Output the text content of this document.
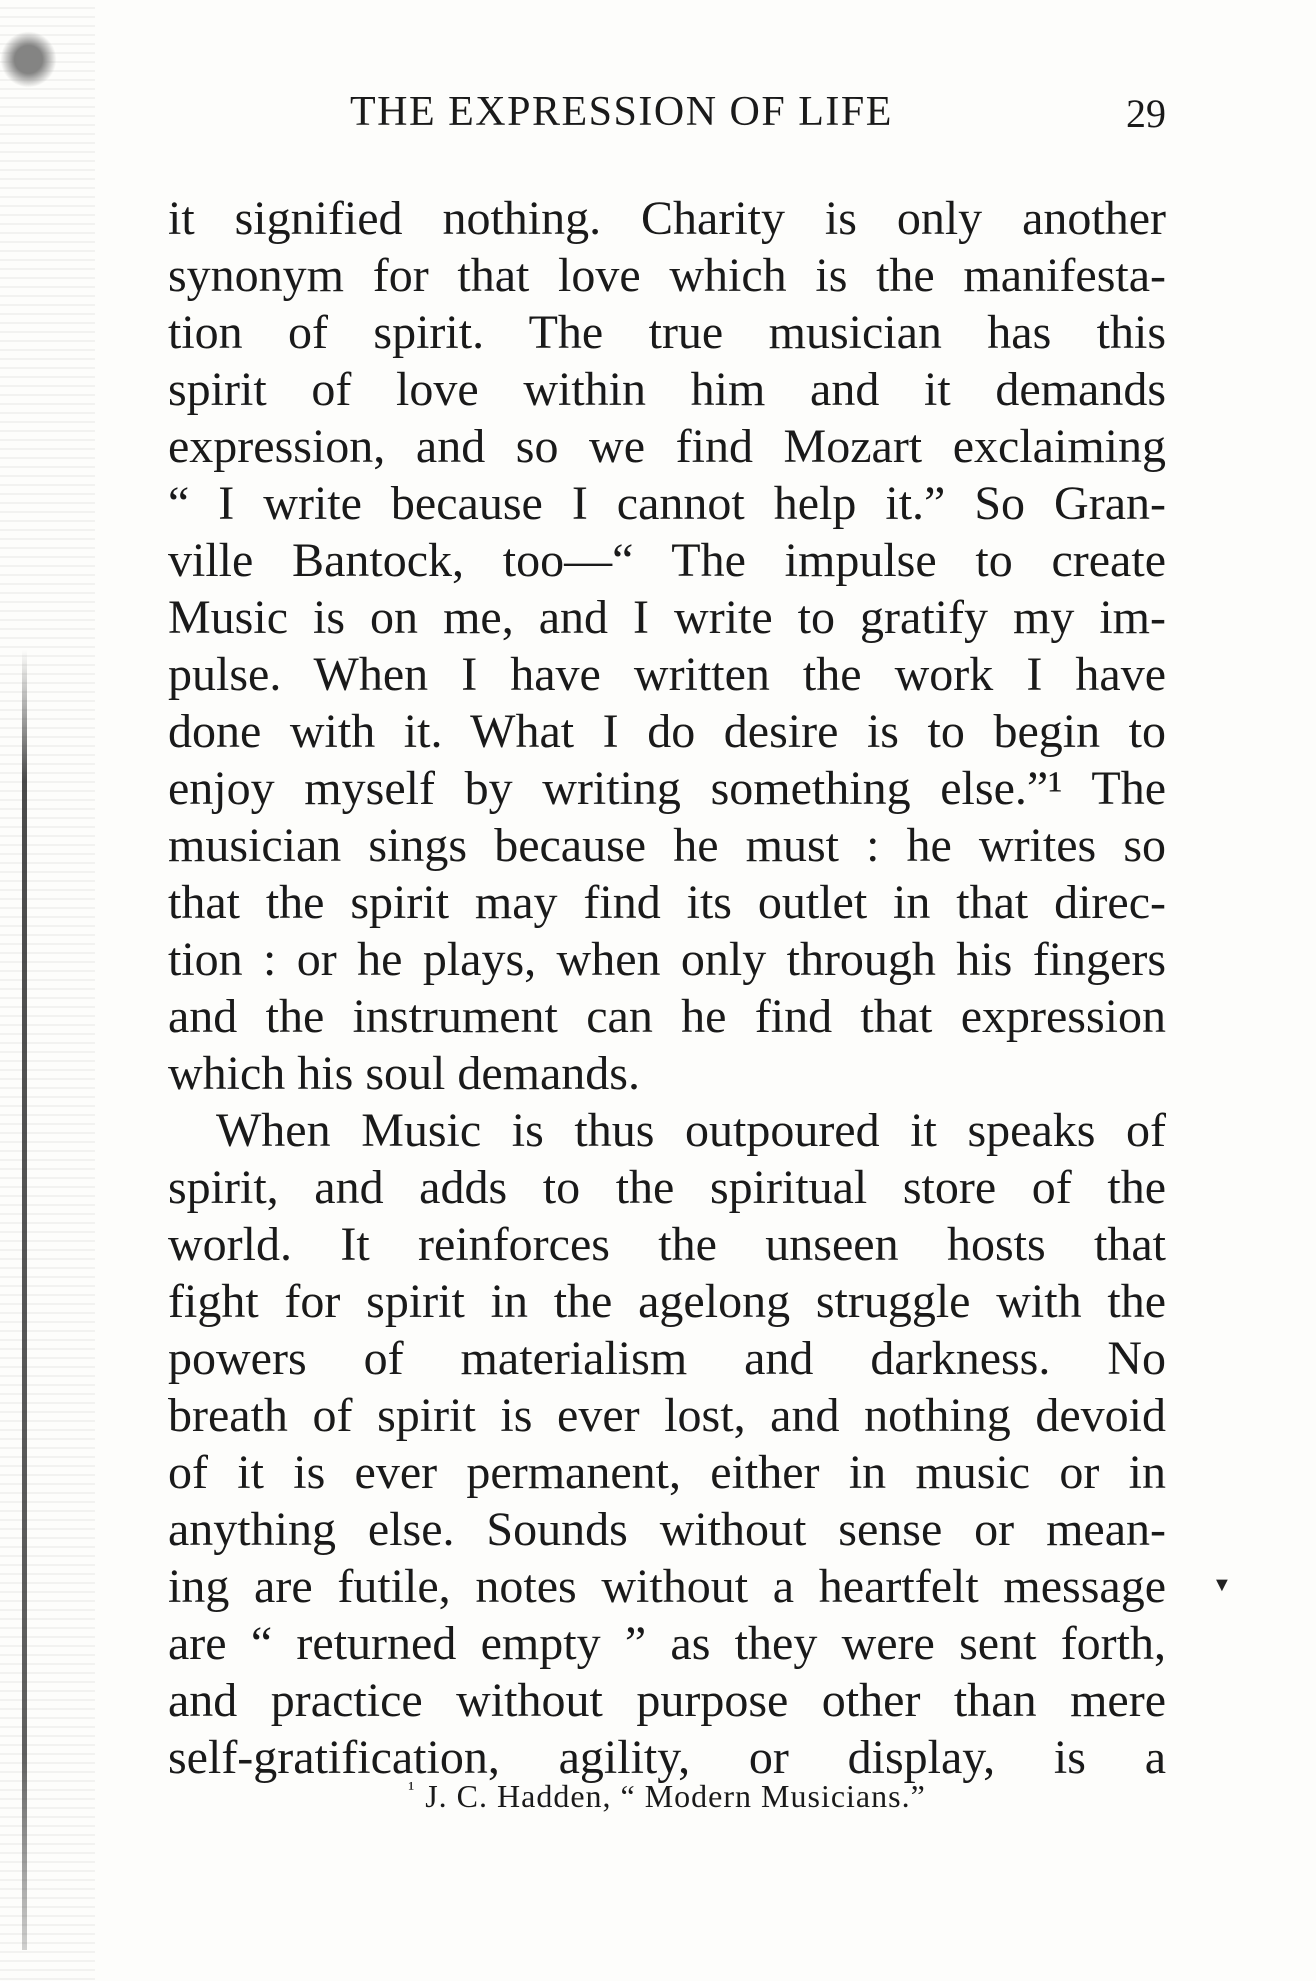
THE EXPRESSION OF LIFE	29
it signified nothing. Charity is only another
synonym for that love which is the manifesta-
tion of spirit. The true musician has this
spirit of love within him and it demands
expression, and so we find Mozart exclaiming
“ I write because I cannot help it.” So Gran-
ville Bantock, too—“ The impulse to create
Music is on me, and I write to gratify my im-
pulse. When I have written the work I have
done with it. What I do desire is to begin to
enjoy myself by writing something else.”¹ The
musician sings because he must : he writes so
that the spirit may find its outlet in that direc-
tion : or he plays, when only through his fingers
and the instrument can he find that expression
which his soul demands.
When Music is thus outpoured it speaks of
spirit, and adds to the spiritual store of the
world. It reinforces the unseen hosts that
fight for spirit in the agelong struggle with the
powers of materialism and darkness. No
breath of spirit is ever lost, and nothing devoid
of it is ever permanent, either in music or in
anything else. Sounds without sense or mean-
ing are futile, notes without a heartfelt message
are “ returned empty ” as they were sent forth,
and practice without purpose other than mere
self-gratification, agility, or display, is a
▼
$^{^1}$ J. C. Hadden, “ Modern Musicians.”
